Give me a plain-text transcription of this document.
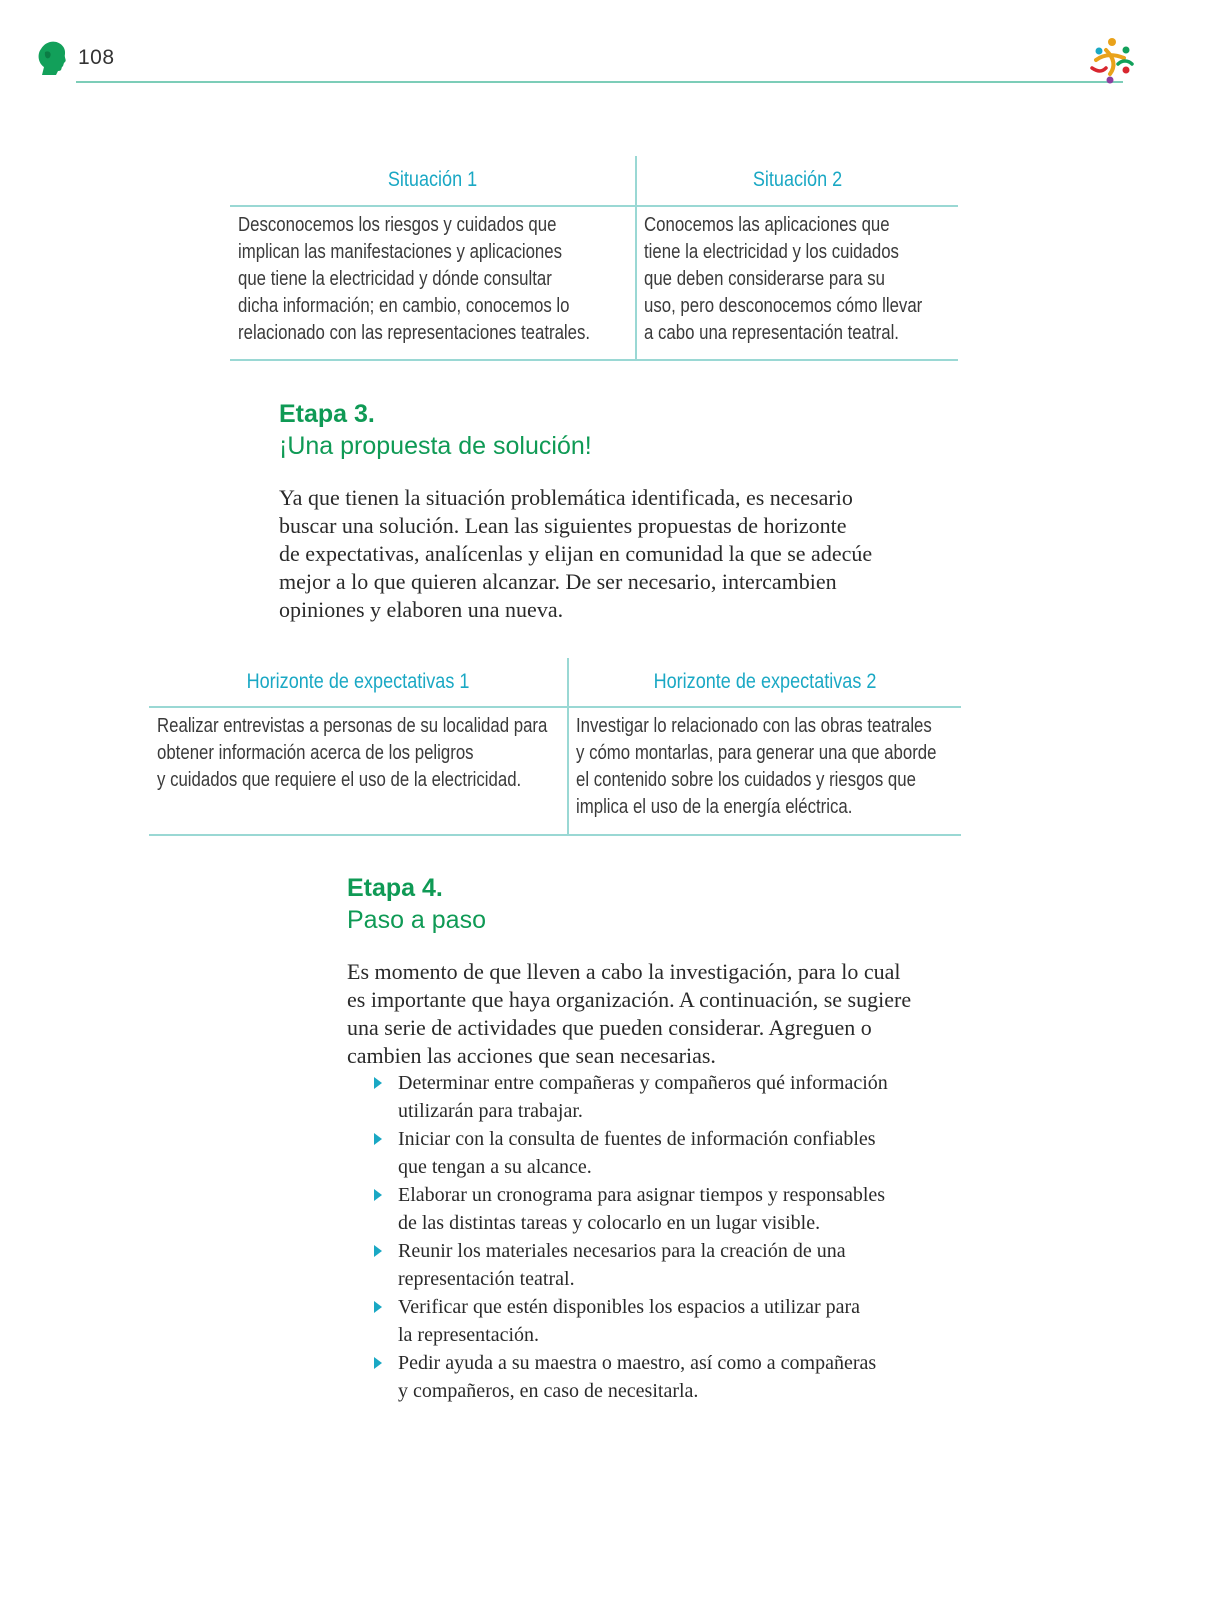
108
Situación 1	Situación 2
Desconocemos los riesgos y cuidados que
implican las manifestaciones y aplicaciones
que tiene la electricidad y dónde consultar
dicha información; en cambio, conocemos lo
relacionado con las representaciones teatrales.
Conocemos las aplicaciones que
tiene la electricidad y los cuidados
que deben considerarse para su
uso, pero desconocemos cómo llevar
a cabo una representación teatral.
Etapa 3.
¡Una propuesta de solución!
Ya que tienen la situación problemática identificada, es necesario
buscar una solución. Lean las siguientes propuestas de horizonte
de expectativas, analícenlas y elijan en comunidad la que se adecúe
mejor a lo que quieren alcanzar. De ser necesario, intercambien
opiniones y elaboren una nueva.
Horizonte de expectativas 1	Horizonte de expectativas 2
Realizar entrevistas a personas de su localidad para
obtener información acerca de los peligros
y cuidados que requiere el uso de la electricidad.
Investigar lo relacionado con las obras teatrales
y cómo montarlas, para generar una que aborde
el contenido sobre los cuidados y riesgos que
implica el uso de la energía eléctrica.
Etapa 4.
Paso a paso
Es momento de que lleven a cabo la investigación, para lo cual
es importante que haya organización. A continuación, se sugiere
una serie de actividades que pueden considerar. Agreguen o
cambien las acciones que sean necesarias.
Determinar entre compañeras y compañeros qué información
utilizarán para trabajar.
Iniciar con la consulta de fuentes de información confiables
que tengan a su alcance.
Elaborar un cronograma para asignar tiempos y responsables
de las distintas tareas y colocarlo en un lugar visible.
Reunir los materiales necesarios para la creación de una
representación teatral.
Verificar que estén disponibles los espacios a utilizar para
la representación.
Pedir ayuda a su maestra o maestro, así como a compañeras
y compañeros, en caso de necesitarla.
